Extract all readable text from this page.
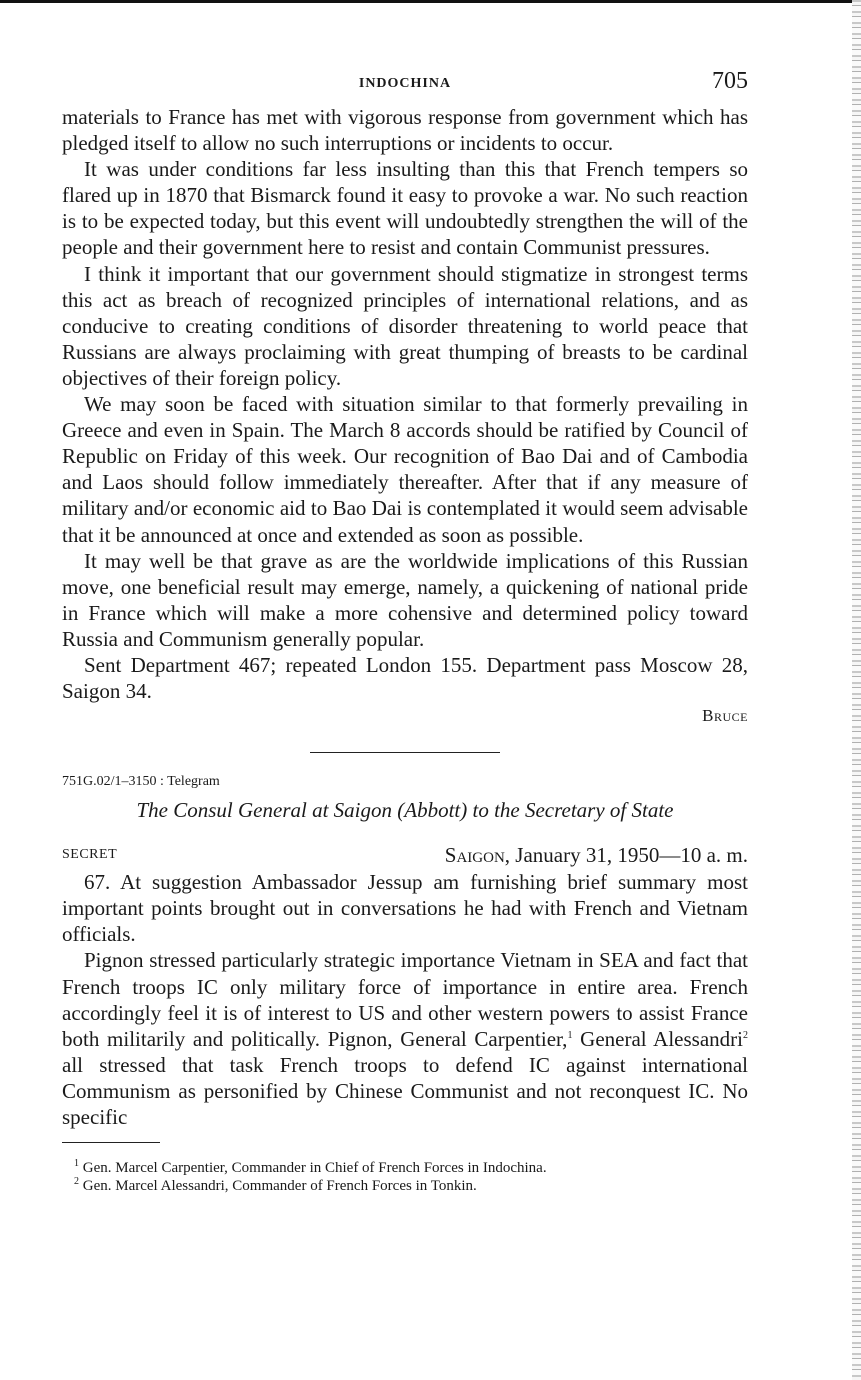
INDOCHINA	705

materials to France has met with vigorous response from government which has pledged itself to allow no such interruptions or incidents to occur.

It was under conditions far less insulting than this that French tempers so flared up in 1870 that Bismarck found it easy to provoke a war. No such reaction is to be expected today, but this event will undoubtedly strengthen the will of the people and their government here to resist and contain Communist pressures.

I think it important that our government should stigmatize in strongest terms this act as breach of recognized principles of international relations, and as conducive to creating conditions of disorder threatening to world peace that Russians are always proclaiming with great thumping of breasts to be cardinal objectives of their foreign policy.

We may soon be faced with situation similar to that formerly prevailing in Greece and even in Spain. The March 8 accords should be ratified by Council of Republic on Friday of this week. Our recognition of Bao Dai and of Cambodia and Laos should follow immediately thereafter. After that if any measure of military and/or economic aid to Bao Dai is contemplated it would seem advisable that it be announced at once and extended as soon as possible.

It may well be that grave as are the worldwide implications of this Russian move, one beneficial result may emerge, namely, a quickening of national pride in France which will make a more cohensive and determined policy toward Russia and Communism generally popular.

Sent Department 467; repeated London 155. Department pass Moscow 28, Saigon 34.

Bruce

751G.02/1–3150 : Telegram

The Consul General at Saigon (Abbott) to the Secretary of State
SECRET	Saigon, January 31, 1950—10 a. m.

67. At suggestion Ambassador Jessup am furnishing brief summary most important points brought out in conversations he had with French and Vietnam officials.

Pignon stressed particularly strategic importance Vietnam in SEA and fact that French troops IC only military force of importance in entire area. French accordingly feel it is of interest to US and other western powers to assist France both militarily and politically. Pignon, General Carpentier,$^1$ General Alessandri$^2$ all stressed that task French troops to defend IC against international Communism as personified by Chinese Communist and not reconquest IC. No specific

$^1$ Gen. Marcel Carpentier, Commander in Chief of French Forces in Indochina.

$^2$ Gen. Marcel Alessandri, Commander of French Forces in Tonkin.
